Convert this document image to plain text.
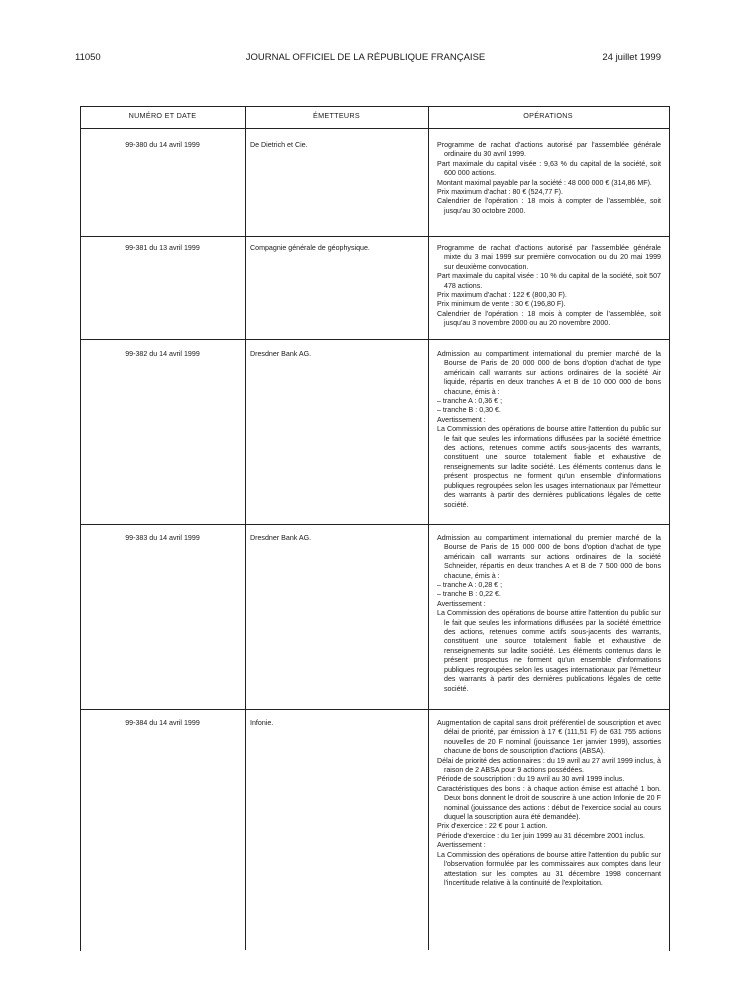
11050	JOURNAL OFFICIEL DE LA RÉPUBLIQUE FRANÇAISE	24 juillet 1999
NUMÉRO ET DATE	ÉMETTEURS	OPÉRATIONS
99-380 du 14 avril 1999	De Dietrich et Cie.	Programme de rachat d'actions autorisé par l'assemblée générale ordinaire du 30 avril 1999.

Part maximale du capital visée : 9,63 % du capital de la société, soit 600 000 actions.

Montant maximal payable par la société : 48 000 000 € (314,86 MF).

Prix maximum d'achat : 80 € (524,77 F).

Calendrier de l'opération : 18 mois à compter de l'assemblée, soit jusqu'au 30 octobre 2000.

99-381 du 13 avril 1999	Compagnie générale de géophysique.	Programme de rachat d'actions autorisé par l'assemblée générale mixte du 3 mai 1999 sur première convocation ou du 20 mai 1999 sur deuxième convocation.

Part maximale du capital visée : 10 % du capital de la société, soit 507 478 actions.

Prix maximum d'achat : 122 € (800,30 F).

Prix minimum de vente : 30 € (196,80 F).

Calendrier de l'opération : 18 mois à compter de l'assemblée, soit jusqu'au 3 novembre 2000 ou au 20 novembre 2000.

99-382 du 14 avril 1999	Dresdner Bank AG.	Admission au compartiment international du premier marché de la Bourse de Paris de 20 000 000 de bons d'option d'achat de type américain call warrants sur actions ordinaires de la société Air liquide, répartis en deux tranches A et B de 10 000 000 de bons chacune, émis à :

– tranche A : 0,36 € ;

– tranche B : 0,30 €.

Avertissement :

La Commission des opérations de bourse attire l'attention du public sur le fait que seules les informations diffusées par la société émettrice des actions, retenues comme actifs sous-jacents des warrants, constituent une source totalement fiable et exhaustive de renseignements sur ladite société. Les éléments contenus dans le présent prospectus ne forment qu'un ensemble d'informations publiques regroupées selon les usages internationaux par l'émetteur des warrants à partir des dernières publications légales de cette société.

99-383 du 14 avril 1999	Dresdner Bank AG.	Admission au compartiment international du premier marché de la Bourse de Paris de 15 000 000 de bons d'option d'achat de type américain call warrants sur actions ordinaires de la société Schneider, répartis en deux tranches A et B de 7 500 000 de bons chacune, émis à :

– tranche A : 0,28 € ;

– tranche B : 0,22 €.

Avertissement :

La Commission des opérations de bourse attire l'attention du public sur le fait que seules les informations diffusées par la société émettrice des actions, retenues comme actifs sous-jacents des warrants, constituent une source totalement fiable et exhaustive de renseignements sur ladite société. Les éléments contenus dans le présent prospectus ne forment qu'un ensemble d'informations publiques regroupées selon les usages internationaux par l'émetteur des warrants à partir des dernières publications légales de cette société.

99-384 du 14 avril 1999	Infonie.	Augmentation de capital sans droit préférentiel de souscription et avec délai de priorité, par émission à 17 € (111,51 F) de 631 755 actions nouvelles de 20 F nominal (jouissance 1er janvier 1999), assorties chacune de bons de souscription d'actions (ABSA).

Délai de priorité des actionnaires : du 19 avril au 27 avril 1999 inclus, à raison de 2 ABSA pour 9 actions possédées.

Période de souscription : du 19 avril au 30 avril 1999 inclus.

Caractéristiques des bons : à chaque action émise est attaché 1 bon. Deux bons donnent le droit de souscrire à une action Infonie de 20 F nominal (jouissance des actions : début de l'exercice social au cours duquel la souscription aura été demandée).

Prix d'exercice : 22 € pour 1 action.

Période d'exercice : du 1er juin 1999 au 31 décembre 2001 inclus.

Avertissement :

La Commission des opérations de bourse attire l'attention du public sur l'observation formulée par les commissaires aux comptes dans leur attestation sur les comptes au 31 décembre 1998 concernant l'incertitude relative à la continuité de l'exploitation.
